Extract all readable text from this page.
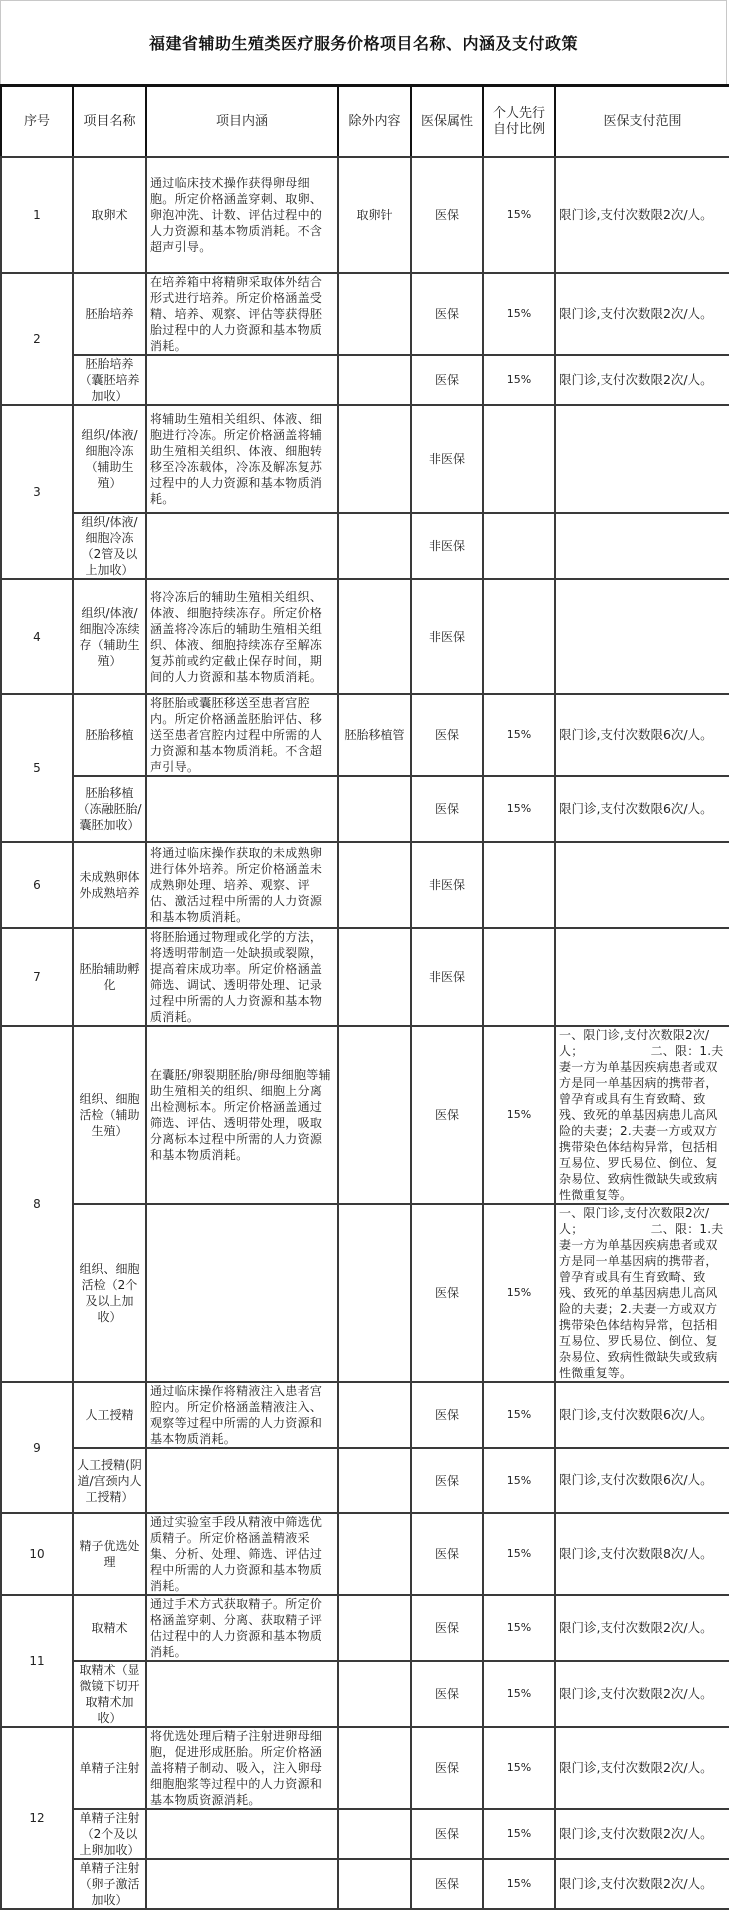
福建省辅助生殖类医疗服务价格项目名称、内涵及支付政策
序号	项目名称	项目内涵	除外内容	医保属性	个人先行自付比例	医保支付范围
1	取卵术	通过临床技术操作获得卵母细胞。所定价格涵盖穿刺、取卵、卵泡冲洗、计数、评估过程中的人力资源和基本物质消耗。不含超声引导。	取卵针	医保	15%	限门诊,支付次数限2次/人。
2	胚胎培养	在培养箱中将精卵采取体外结合形式进行培养。所定价格涵盖受精、培养、观察、评估等获得胚胎过程中的人力资源和基本物质消耗。		医保	15%	限门诊,支付次数限2次/人。
	胚胎培养（囊胚培养加收）			医保	15%	限门诊,支付次数限2次/人。
3	组织/体液/细胞冷冻（辅助生殖）	将辅助生殖相关组织、体液、细胞进行冷冻。所定价格涵盖将辅助生殖相关组织、体液、细胞转移至冷冻载体，冷冻及解冻复苏过程中的人力资源和基本物质消耗。		非医保		
	组织/体液/细胞冷冻（2管及以上加收）			非医保		
4	组织/体液/细胞冷冻续存（辅助生殖）	将冷冻后的辅助生殖相关组织、体液、细胞持续冻存。所定价格涵盖将冷冻后的辅助生殖相关组织、体液、细胞持续冻存至解冻复苏前或约定截止保存时间，期间的人力资源和基本物质消耗。		非医保		
5	胚胎移植	将胚胎或囊胚移送至患者宫腔内。所定价格涵盖胚胎评估、移送至患者宫腔内过程中所需的人力资源和基本物质消耗。不含超声引导。	胚胎移植管	医保	15%	限门诊,支付次数限6次/人。
	胚胎移植（冻融胚胎/囊胚加收）			医保	15%	限门诊,支付次数限6次/人。
6	未成熟卵体外成熟培养	将通过临床操作获取的未成熟卵进行体外培养。所定价格涵盖未成熟卵处理、培养、观察、评估、激活过程中所需的人力资源和基本物质消耗。		非医保		
7	胚胎辅助孵化	将胚胎通过物理或化学的方法，将透明带制造一处缺损或裂隙，提高着床成功率。所定价格涵盖筛选、调试、透明带处理、记录过程中所需的人力资源和基本物质消耗。		非医保		
8	组织、细胞活检（辅助生殖）	在囊胚/卵裂期胚胎/卵母细胞等辅助生殖相关的组织、细胞上分离出检测标本。所定价格涵盖通过筛选、评估、透明带处理，吸取分离标本过程中所需的人力资源和基本物质消耗。		医保	15%	一、限门诊,支付次数限2次/人；　　　　　　二、限：1.夫妻一方为单基因疾病患者或双方是同一单基因病的携带者，曾孕育或具有生育致畸、致残、致死的单基因病患儿高风险的夫妻；2.夫妻一方或双方携带染色体结构异常，包括相互易位、罗氏易位、倒位、复杂易位、致病性微缺失或致病性微重复等。
	组织、细胞活检（2个及以上加收）			医保	15%	一、限门诊,支付次数限2次/人；　　　　　　二、限：1.夫妻一方为单基因疾病患者或双方是同一单基因病的携带者，曾孕育或具有生育致畸、致残、致死的单基因病患儿高风险的夫妻；2.夫妻一方或双方携带染色体结构异常，包括相互易位、罗氏易位、倒位、复杂易位、致病性微缺失或致病性微重复等。
9	人工授精	通过临床操作将精液注入患者宫腔内。所定价格涵盖精液注入、观察等过程中所需的人力资源和基本物质消耗。		医保	15%	限门诊,支付次数限6次/人。
	人工授精(阴道/宫颈内人工授精）			医保	15%	限门诊,支付次数限6次/人。
10	精子优选处理	通过实验室手段从精液中筛选优质精子。所定价格涵盖精液采集、分析、处理、筛选、评估过程中所需的人力资源和基本物质消耗。		医保	15%	限门诊,支付次数限8次/人。
11	取精术	通过手术方式获取精子。所定价格涵盖穿刺、分离、获取精子评估过程中的人力资源和基本物质消耗。		医保	15%	限门诊,支付次数限2次/人。
	取精术（显微镜下切开取精术加收）			医保	15%	限门诊,支付次数限2次/人。
12	单精子注射	将优选处理后精子注射进卵母细胞，促进形成胚胎。所定价格涵盖将精子制动、吸入，注入卵母细胞胞浆等过程中的人力资源和基本物质资源消耗。		医保	15%	限门诊,支付次数限2次/人。
	单精子注射（2个及以上卵加收）			医保	15%	限门诊,支付次数限2次/人。
	单精子注射（卵子激活加收）			医保	15%	限门诊,支付次数限2次/人。
